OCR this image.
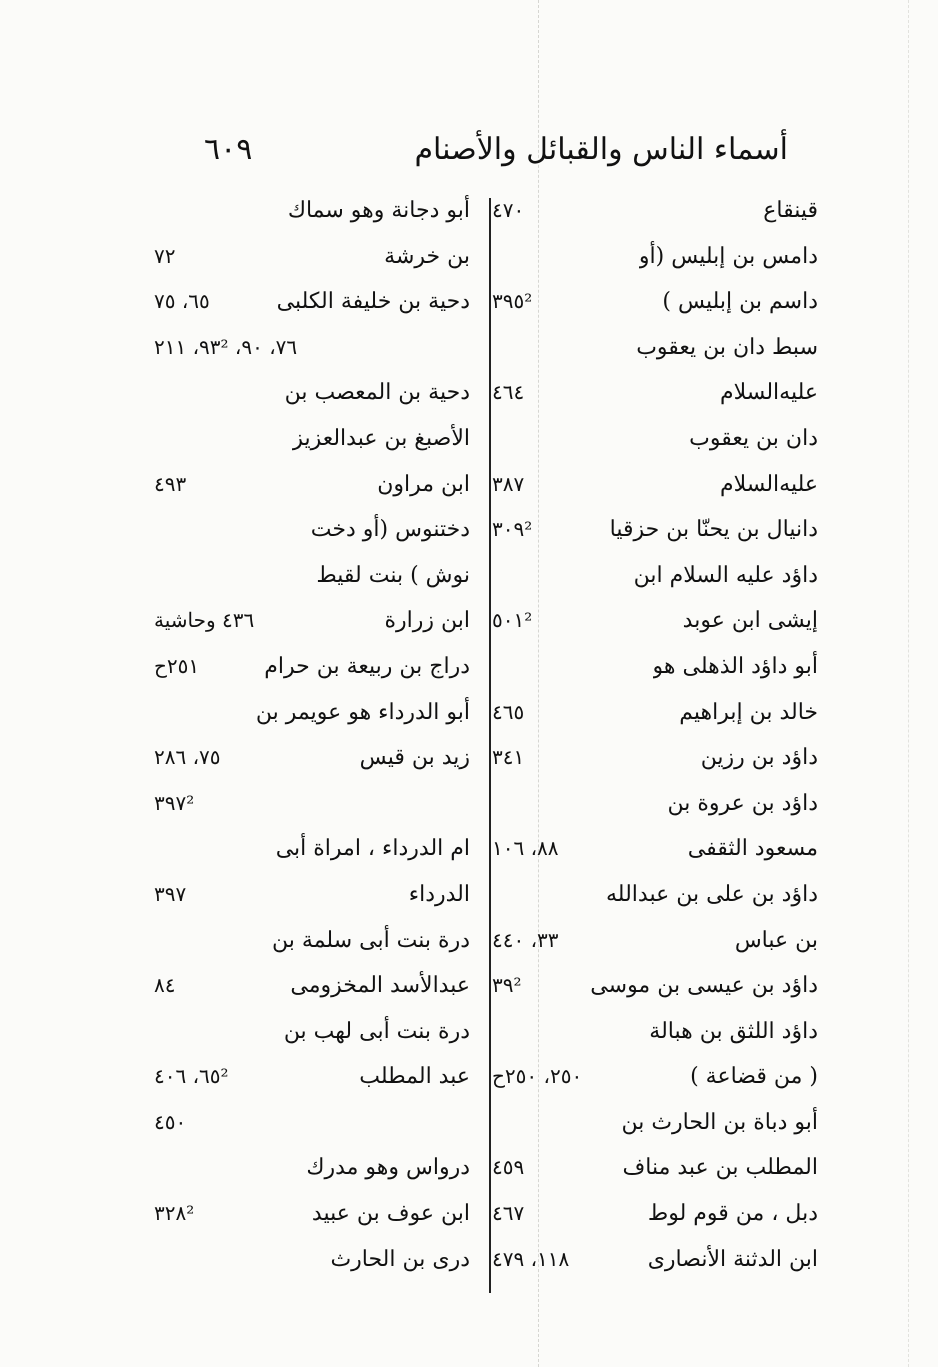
أسماء الناس والقبائل والأصنام
٦٠٩
قينقاع
٤٧٠
دامس بن إبليس (أو
داسم بن إبليس )
٣٩٥²
سبط دان بن يعقوب
عليه‌السلام
٤٦٤
دان بن يعقوب
عليه‌السلام
٣٨٧
دانيال بن يحنّا بن حزقيا
٣٠٩²
داؤد عليه السلام ابن
إيشى ابن عوبد
٥٠١²
أبو داؤد الذهلى هو
خالد بن إبراهيم
٤٦٥
داؤد بن رزين
٣٤١
داؤد بن عروة بن
مسعود الثقفى
٨٨، ١٠٦
داؤد بن على بن عبدالله
بن عباس
٣٣، ٤٤٠
داؤد بن عيسى بن موسى
٣٩²
داؤد اللثق بن هبالة
( من قضاعة )
٢٥٠، ٢٥٠ح
أبو دباة بن الحارث بن
المطلب بن عبد مناف
٤٥٩
دبل ، من قوم لوط
٤٦٧
ابن الدثنة الأنصارى
١١٨، ٤٧٩
أبو دجانة وهو سماك
بن خرشة
٧٢
دحية بن خليفة الكلبى
٦٥، ٧٥
٧٦، ٩٠، ٩٣²، ٢١١
دحية بن المعصب بن
الأصبغ بن عبدالعزيز
ابن مراون
٤٩٣
دختنوس (أو دخت
نوش ) بنت لقيط
ابن زرارة
٤٣٦ وحاشية
دراج بن ربيعة بن حرام
٢٥١ح
أبو الدرداء هو عويمر بن
زيد بن قيس
٧٥، ٢٨٦
٣٩٧²
ام الدرداء ، امراة أبى
الدرداء
٣٩٧
درة بنت أبى سلمة بن
عبدالأسد المخزومى
٨٤
درة بنت أبى لهب بن
عبد المطلب
٦٥²، ٤٠٦
٤٥٠
درواس وهو مدرك
ابن عوف بن عبيد
٣٢٨²
درى بن الحارث
